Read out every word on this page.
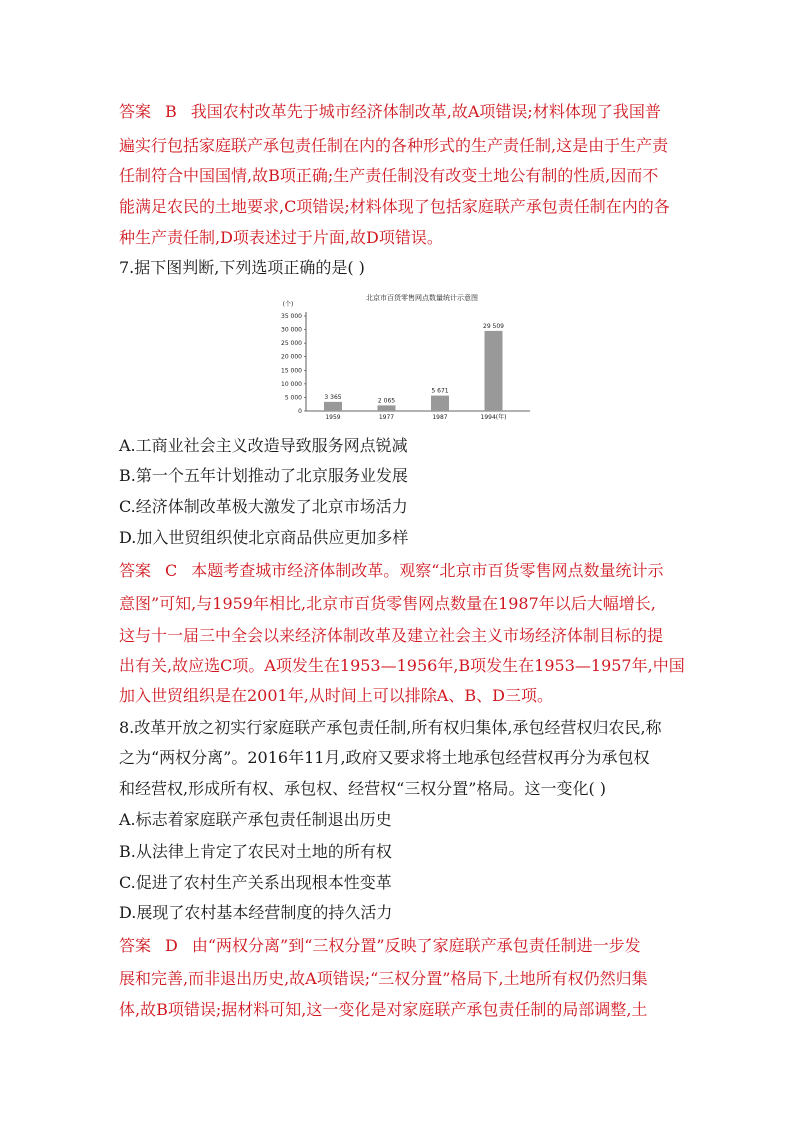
答案 B 我国农村改革先于城市经济体制改革,故A项错误;材料体现了我国普
遍实行包括家庭联产承包责任制在内的各种形式的生产责任制,这是由于生产责
任制符合中国国情,故B项正确;生产责任制没有改变土地公有制的性质,因而不
能满足农民的土地要求,C项错误;材料体现了包括家庭联产承包责任制在内的各
种生产责任制,D项表述过于片面,故D项错误。
7.据下图判断,下列选项正确的是( )
北京市百货零售网点数量统计示意图
(个)
0
5 000
10 000
15 000
20 000
25 000
30 000
35 000
3 365
1959
2 065
1977
5 671
1987
29 509
1994(年)
A.工商业社会主义改造导致服务网点锐减
B.第一个五年计划推动了北京服务业发展
C.经济体制改革极大激发了北京市场活力
D.加入世贸组织使北京商品供应更加多样
答案 C 本题考查城市经济体制改革。观察“北京市百货零售网点数量统计示
意图”可知,与1959年相比,北京市百货零售网点数量在1987年以后大幅增长,
这与十一届三中全会以来经济体制改革及建立社会主义市场经济体制目标的提
出有关,故应选C项。A项发生在1953—1956年,B项发生在1953—1957年,中国
加入世贸组织是在2001年,从时间上可以排除A、B、D三项。
8.改革开放之初实行家庭联产承包责任制,所有权归集体,承包经营权归农民,称
之为“两权分离”。2016年11月,政府又要求将土地承包经营权再分为承包权
和经营权,形成所有权、承包权、经营权“三权分置”格局。这一变化( )
A.标志着家庭联产承包责任制退出历史
B.从法律上肯定了农民对土地的所有权
C.促进了农村生产关系出现根本性变革
D.展现了农村基本经营制度的持久活力
答案 D 由“两权分离”到“三权分置”反映了家庭联产承包责任制进一步发
展和完善,而非退出历史,故A项错误;“三权分置”格局下,土地所有权仍然归集
体,故B项错误;据材料可知,这一变化是对家庭联产承包责任制的局部调整,土
